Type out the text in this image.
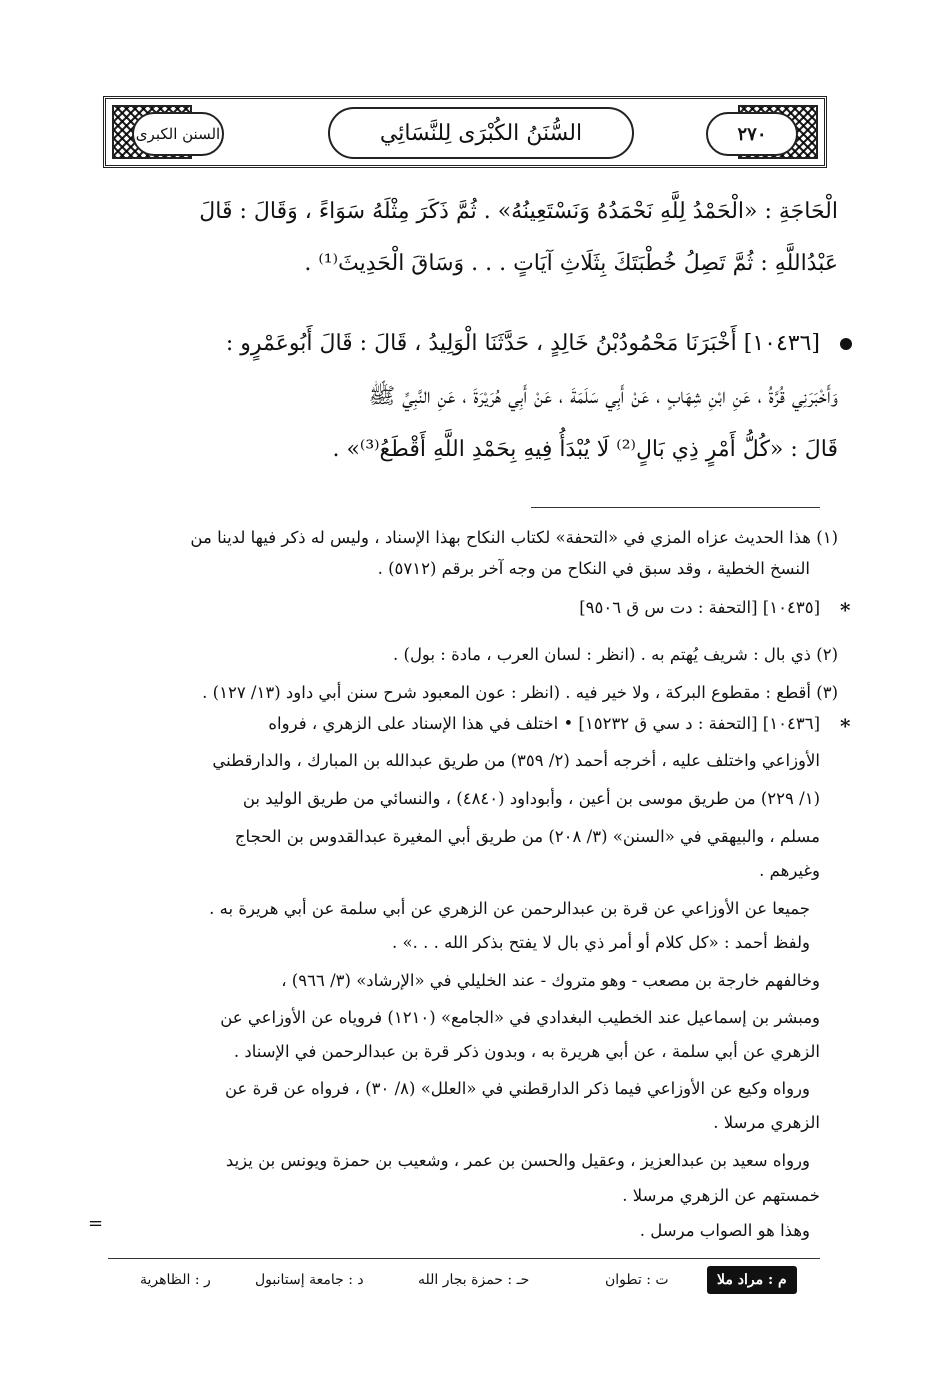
السنن الكبرى	السُّنَنُ الكُبْرَى لِلنَّسَائِي	٢٧٠
الْحَاجَةِ : «الْحَمْدُ لِلَّهِ نَحْمَدُهُ وَنَسْتَعِينُهُ» . ثُمَّ ذَكَرَ مِثْلَهُ سَوَاءً ، وَقَالَ : قَالَ
عَبْدُاللَّهِ : ثُمَّ تَصِلُ خُطْبَتَكَ بِثَلَاثِ آيَاتٍ . . . وَسَاقَ الْحَدِيثَ⁽¹⁾ .
[١٠٤٣٦] أَخْبَرَنَا مَحْمُودُبْنُ خَالِدٍ ، حَدَّثَنَا الْوَلِيدُ ، قَالَ : قَالَ أَبُوعَمْرٍو :
وَأَخْبَرَنِي قُرَّةُ ، عَنِ ابْنِ شِهَابٍ ، عَنْ أَبِي سَلَمَةَ ، عَنْ أَبِي هُرَيْرَةَ ، عَنِ النَّبِيِّ ﷺ
قَالَ : «كُلُّ أَمْرٍ ذِي بَالٍ⁽²⁾ لَا يُبْدَأُ فِيهِ بِحَمْدِ اللَّهِ أَقْطَعُ⁽³⁾» .
(١) هذا الحديث عزاه المزي في «التحفة» لكتاب النكاح بهذا الإسناد ، وليس له ذكر فيها لدينا من
النسخ الخطية ، وقد سبق في النكاح من وجه آخر برقم (٥٧١٢) .
*
[١٠٤٣٥] [التحفة : دت س ق ٩٥٠٦]
(٢) ذي بال : شريف يُهتم به . (انظر : لسان العرب ، مادة : بول) .
(٣) أقطع : مقطوع البركة ، ولا خير فيه . (انظر : عون المعبود شرح سنن أبي داود (١٣/ ١٢٧) .
*
[١٠٤٣٦] [التحفة : د سي ق ١٥٢٣٢] • اختلف في هذا الإسناد على الزهري ، فرواه
الأوزاعي واختلف عليه ، أخرجه أحمد (٢/ ٣٥٩) من طريق عبدالله بن المبارك ، والدارقطني
(١/ ٢٢٩) من طريق موسى بن أعين ، وأبوداود (٤٨٤٠) ، والنسائي من طريق الوليد بن
مسلم ، والبيهقي في «السنن» (٣/ ٢٠٨) من طريق أبي المغيرة عبدالقدوس بن الحجاج
وغيرهم .
جميعا عن الأوزاعي عن قرة بن عبدالرحمن عن الزهري عن أبي سلمة عن أبي هريرة به .
ولفظ أحمد : «كل كلام أو أمر ذي بال لا يفتح بذكر الله . . .» .
وخالفهم خارجة بن مصعب - وهو متروك - عند الخليلي في «الإرشاد» (٣/ ٩٦٦) ،
ومبشر بن إسماعيل عند الخطيب البغدادي في «الجامع» (١٢١٠) فروياه عن الأوزاعي عن
الزهري عن أبي سلمة ، عن أبي هريرة به ، وبدون ذكر قرة بن عبدالرحمن في الإسناد .
ورواه وكيع عن الأوزاعي فيما ذكر الدارقطني في «العلل» (٨/ ٣٠) ، فرواه عن قرة عن
الزهري مرسلا .
ورواه سعيد بن عبدالعزيز ، وعقيل والحسن بن عمر ، وشعيب بن حمزة ويونس بن يزيد
خمستهم عن الزهري مرسلا .
وهذا هو الصواب مرسل .
=
م : مراد ملا
ت : تطوان
حـ : حمزة بجار الله
د : جامعة إستانبول
ر : الظاهرية
